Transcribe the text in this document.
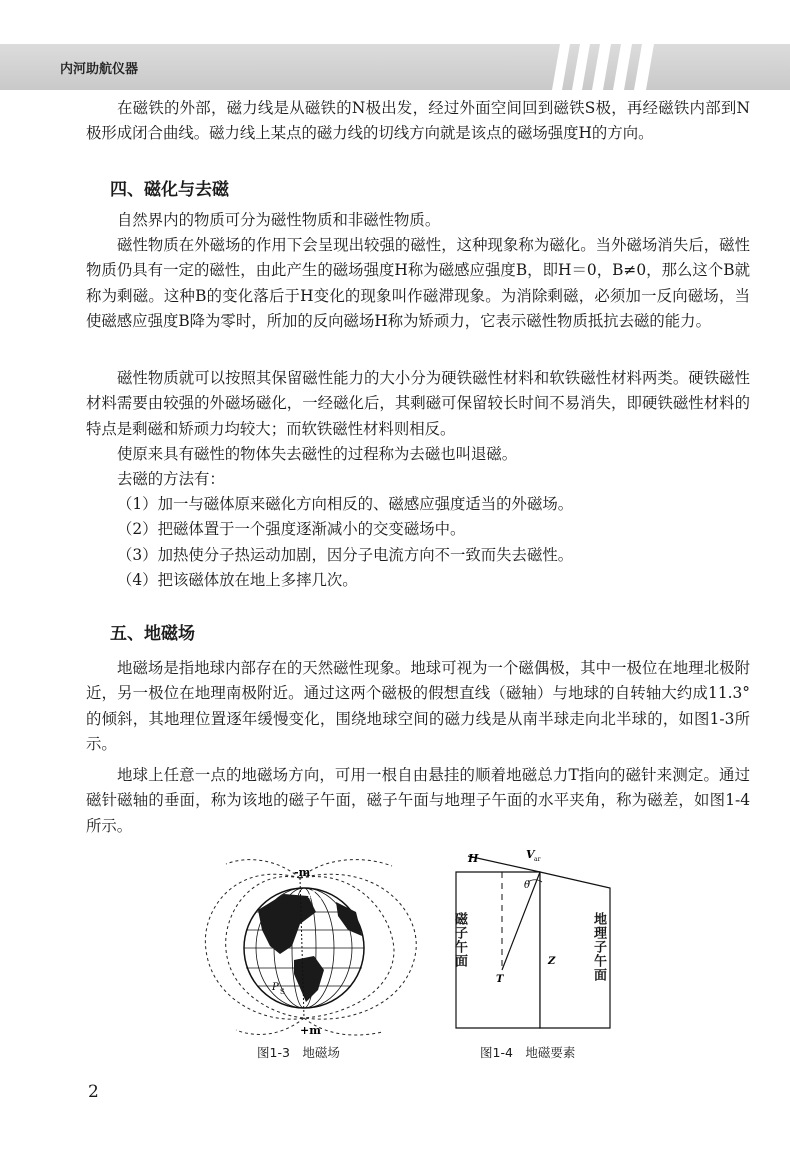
内河助航仪器

在磁铁的外部，磁力线是从磁铁的N极出发，经过外面空间回到磁铁S极，再经磁铁内部到N极形成闭合曲线。磁力线上某点的磁力线的切线方向就是该点的磁场强度H的方向。

四、磁化与去磁

自然界内的物质可分为磁性物质和非磁性物质。

磁性物质在外磁场的作用下会呈现出较强的磁性，这种现象称为磁化。当外磁场消失后，磁性物质仍具有一定的磁性，由此产生的磁场强度H称为磁感应强度B，即H＝0，B≠0，那么这个B就称为剩磁。这种B的变化落后于H变化的现象叫作磁滞现象。为消除剩磁，必须加一反向磁场，当使磁感应强度B降为零时，所加的反向磁场H称为矫顽力，它表示磁性物质抵抗去磁的能力。

磁性物质就可以按照其保留磁性能力的大小分为硬铁磁性材料和软铁磁性材料两类。硬铁磁性材料需要由较强的外磁场磁化，一经磁化后，其剩磁可保留较长时间不易消失，即硬铁磁性材料的特点是剩磁和矫顽力均较大；而软铁磁性材料则相反。

使原来具有磁性的物体失去磁性的过程称为去磁也叫退磁。

去磁的方法有：

（1）加一与磁体原来磁化方向相反的、磁感应强度适当的外磁场。

（2）把磁体置于一个强度逐渐减小的交变磁场中。

（3）加热使分子热运动加剧，因分子电流方向不一致而失去磁性。

（4）把该磁体放在地上多摔几次。

五、地磁场

地磁场是指地球内部存在的天然磁性现象。地球可视为一个磁偶极，其中一极位在地理北极附近，另一极位在地理南极附近。通过这两个磁极的假想直线（磁轴）与地球的自转轴大约成11.3°的倾斜，其地理位置逐年缓慢变化，围绕地球空间的磁力线是从南半球走向北半球的，如图1-3所示。

地球上任意一点的地磁场方向，可用一根自由悬挂的顺着地磁总力T指向的磁针来测定。通过磁针磁轴的垂面，称为该地的磁子午面，磁子午面与地理子午面的水平夹角，称为磁差，如图1-4所示。

-m
P N
P S
+m
图1-3　地磁场
H	V ar
θ
T
Z
磁子午面	地理子午面
图1-4　地磁要素
2
